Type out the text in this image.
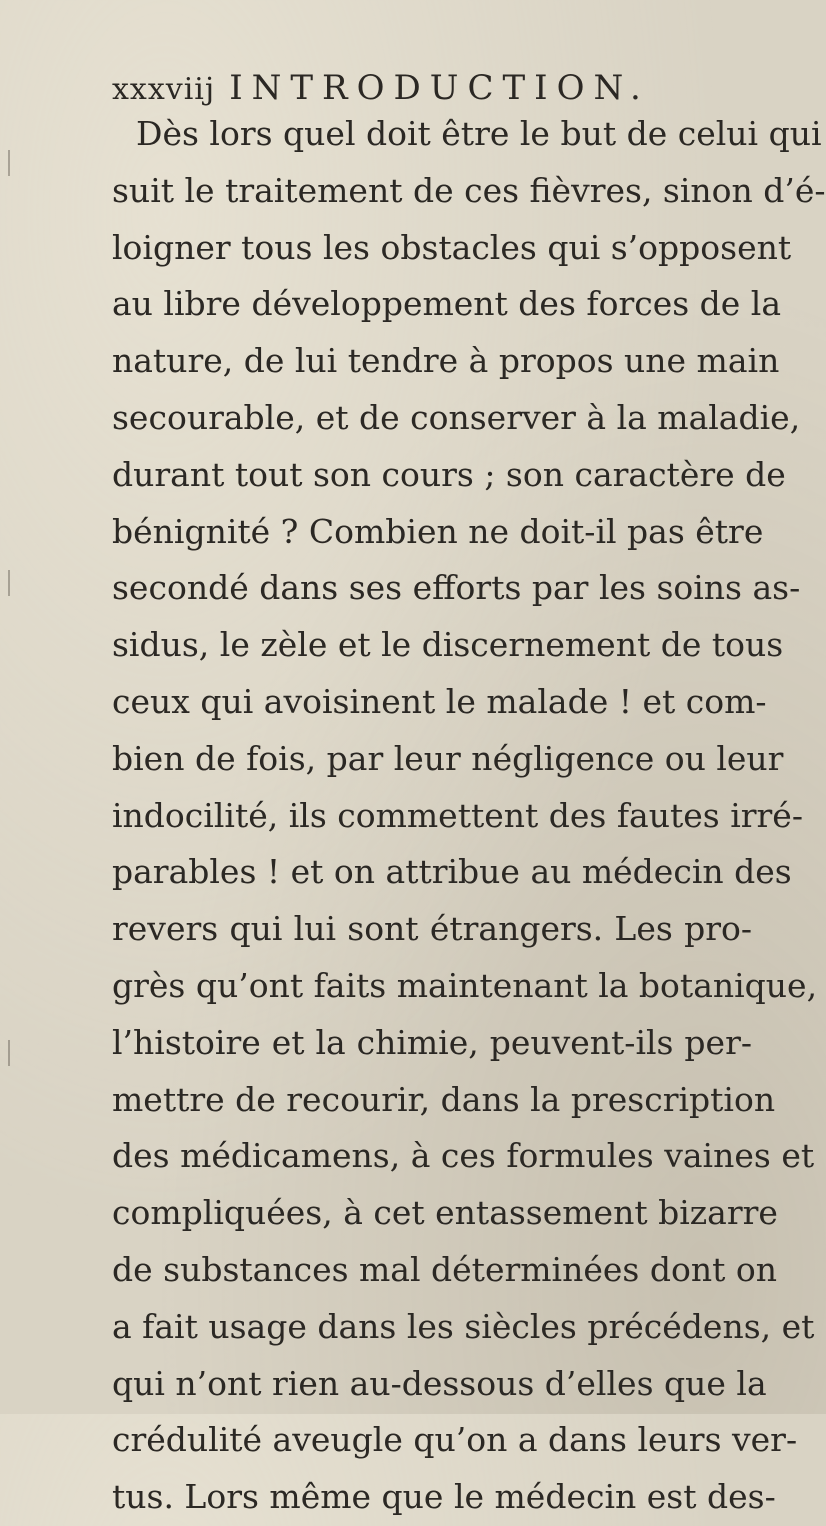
xxxviij INTRODUCTION.
Dès lors quel doit être le but de celui qui
suit le traitement de ces fièvres, sinon d’é-
loigner tous les obstacles qui s’opposent
au libre développement des forces de la
nature, de lui tendre à propos une main
secourable, et de conserver à la maladie,
durant tout son cours ; son caractère de
bénignité ? Combien ne doit-il pas être
secondé dans ses efforts par les soins as-
sidus, le zèle et le discernement de tous
ceux qui avoisinent le malade ! et com-
bien de fois, par leur négligence ou leur
indocilité, ils commettent des fautes irré-
parables ! et on attribue au médecin des
revers qui lui sont étrangers. Les pro-
grès qu’ont faits maintenant la botanique,
l’histoire et la chimie, peuvent-ils per-
mettre de recourir, dans la prescription
des médicamens, à ces formules vaines et
compliquées, à cet entassement bizarre
de substances mal déterminées dont on
a fait usage dans les siècles précédens, et
qui n’ont rien au-dessous d’elles que la
crédulité aveugle qu’on a dans leurs ver-
tus. Lors même que le médecin est des-
